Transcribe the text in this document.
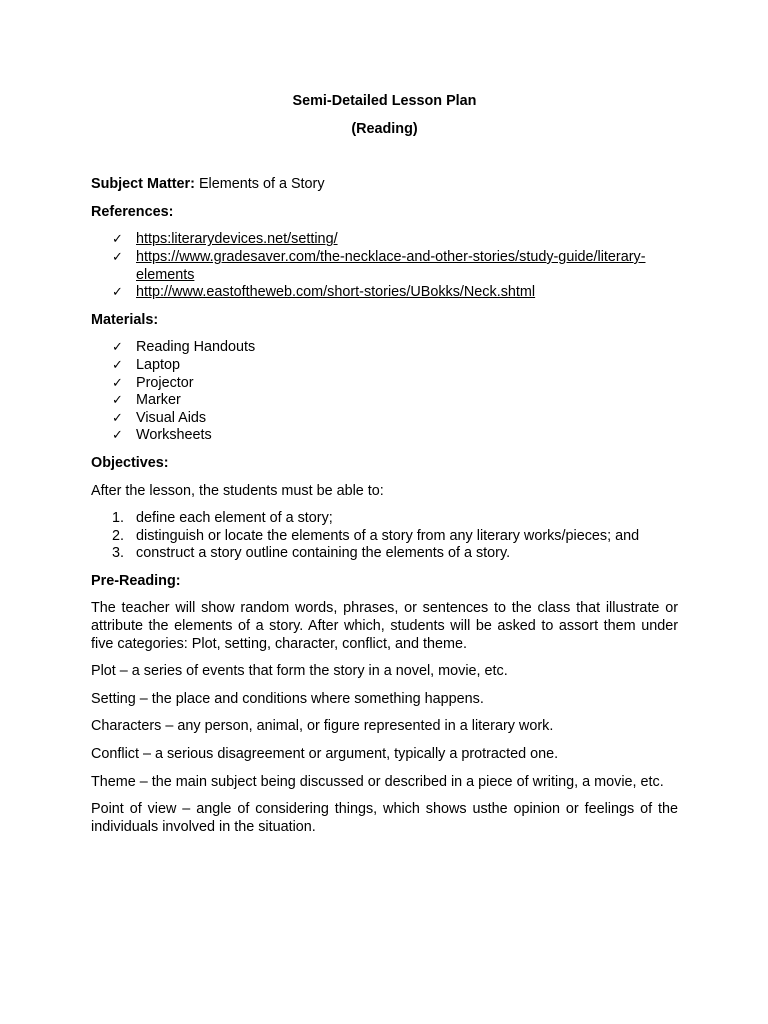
Semi-Detailed Lesson Plan

(Reading)

Subject Matter: Elements of a Story

References:

✓ https:literarydevices.net/setting/
✓ https://www.gradesaver.com/the-necklace-and-other-stories/study-guide/literary-elements
✓ http://www.eastoftheweb.com/short-stories/UBokks/Neck.shtml

Materials:

✓ Reading Handouts
✓ Laptop
✓ Projector
✓ Marker
✓ Visual Aids
✓ Worksheets

Objectives:

After the lesson, the students must be able to:

1. define each element of a story;
2. distinguish or locate the elements of a story from any literary works/pieces; and
3. construct a story outline containing the elements of a story.

Pre-Reading:

The teacher will show random words, phrases, or sentences to the class that illustrate or attribute the elements of a story. After which, students will be asked to assort them under five categories: Plot, setting, character, conflict, and theme.

Plot – a series of events that form the story in a novel, movie, etc.

Setting – the place and conditions where something happens.

Characters – any person, animal, or figure represented in a literary work.

Conflict – a serious disagreement or argument, typically a protracted one.

Theme – the main subject being discussed or described in a piece of writing, a movie, etc.

Point of view – angle of considering things, which shows usthe opinion or feelings of the individuals involved in the situation.
